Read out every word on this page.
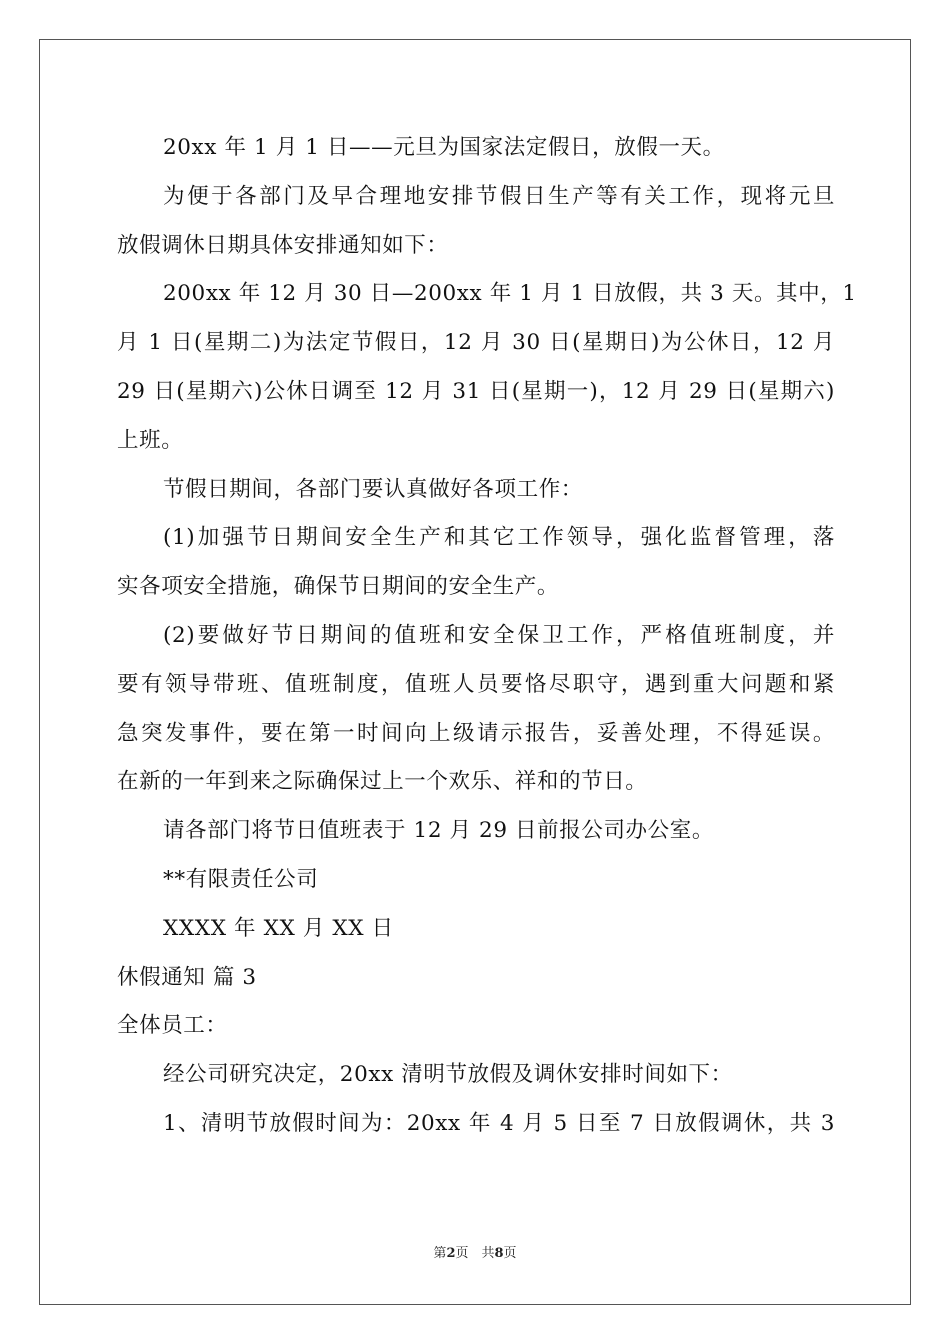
20xx 年 1 月 1 日——元旦为国家法定假日，放假一天。
为便于各部门及早合理地安排节假日生产等有关工作，现将元旦
放假调休日期具体安排通知如下：
200xx 年 12 月 30 日—200xx 年 1 月 1 日放假，共 3 天。其中，1
月 1 日(星期二)为法定节假日，12 月 30 日(星期日)为公休日，12 月
29 日(星期六)公休日调至 12 月 31 日(星期一)，12 月 29 日(星期六)
上班。
节假日期间，各部门要认真做好各项工作：
(1)加强节日期间安全生产和其它工作领导，强化监督管理，落
实各项安全措施，确保节日期间的安全生产。
(2)要做好节日期间的值班和安全保卫工作，严格值班制度，并
要有领导带班、值班制度，值班人员要恪尽职守，遇到重大问题和紧
急突发事件，要在第一时间向上级请示报告，妥善处理，不得延误。
在新的一年到来之际确保过上一个欢乐、祥和的节日。
请各部门将节日值班表于 12 月 29 日前报公司办公室。
**有限责任公司
XXXX 年 XX 月 XX 日
休假通知 篇 3
全体员工：
经公司研究决定，20xx 清明节放假及调休安排时间如下：
1、清明节放假时间为：20xx 年 4 月 5 日至 7 日放假调休，共 3
第2页　共8页
